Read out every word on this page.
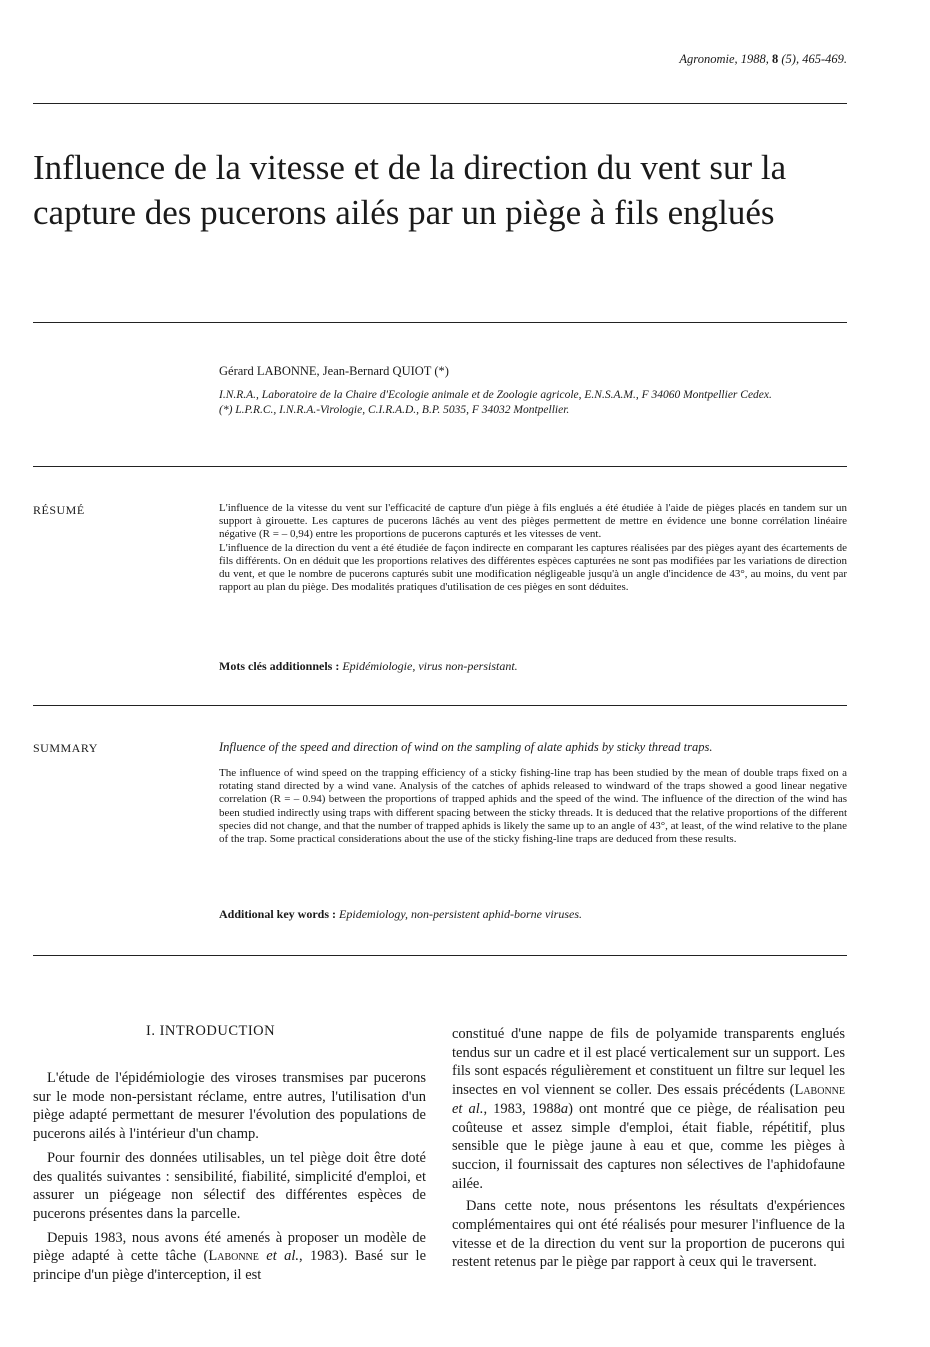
Agronomie, 1988, 8 (5), 465-469.
Influence de la vitesse et de la direction du vent sur la capture des pucerons ailés par un piège à fils englués
Gérard LABONNE, Jean-Bernard QUIOT (*)
I.N.R.A., Laboratoire de la Chaire d'Ecologie animale et de Zoologie agricole, E.N.S.A.M., F 34060 Montpellier Cedex.
(*) L.P.R.C., I.N.R.A.-Virologie, C.I.R.A.D., B.P. 5035, F 34032 Montpellier.
RÉSUMÉ	L'influence de la vitesse du vent sur l'efficacité de capture d'un piège à fils englués a été étudiée à l'aide de pièges placés en tandem sur un support à girouette. Les captures de pucerons lâchés au vent des pièges permettent de mettre en évidence une bonne corrélation linéaire négative (R = – 0,94) entre les proportions de pucerons capturés et les vitesses de vent.

L'influence de la direction du vent a été étudiée de façon indirecte en comparant les captures réalisées par des pièges ayant des écartements de fils différents. On en déduit que les proportions relatives des différentes espèces capturées ne sont pas modifiées par les variations de direction du vent, et que le nombre de pucerons capturés subit une modification négligeable jusqu'à un angle d'incidence de 43°, au moins, du vent par rapport au plan du piège. Des modalités pratiques d'utilisation de ces pièges en sont déduites.

Mots clés additionnels : Epidémiologie, virus non-persistant.
SUMMARY	Influence of the speed and direction of wind on the sampling of alate aphids by sticky thread traps.

The influence of wind speed on the trapping efficiency of a sticky fishing-line trap has been studied by the mean of double traps fixed on a rotating stand directed by a wind vane. Analysis of the catches of aphids released to windward of the traps showed a good linear negative correlation (R = – 0.94) between the proportions of trapped aphids and the speed of the wind. The influence of the direction of the wind has been studied indirectly using traps with different spacing between the sticky threads. It is deduced that the relative proportions of the different species did not change, and that the number of trapped aphids is likely the same up to an angle of 43°, at least, of the wind relative to the plane of the trap. Some practical considerations about the use of the sticky fishing-line traps are deduced from these results.

Additional key words : Epidemiology, non-persistent aphid-borne viruses.
I. INTRODUCTION

L'étude de l'épidémiologie des viroses transmises par pucerons sur le mode non-persistant réclame, entre autres, l'utilisation d'un piège adapté permettant de mesurer l'évolution des populations de pucerons ailés à l'intérieur d'un champ.

Pour fournir des données utilisables, un tel piège doit être doté des qualités suivantes : sensibilité, fiabilité, simplicité d'emploi, et assurer un piégeage non sélectif des différentes espèces de pucerons présentes dans la parcelle.

Depuis 1983, nous avons été amenés à proposer un modèle de piège adapté à cette tâche (Labonne et al., 1983). Basé sur le principe d'un piège d'interception, il est

constitué d'une nappe de fils de polyamide transparents englués tendus sur un cadre et il est placé verticalement sur un support. Les fils sont espacés régulièrement et constituent un filtre sur lequel les insectes en vol viennent se coller. Des essais précédents (Labonne et al., 1983, 1988a) ont montré que ce piège, de réalisation peu coûteuse et assez simple d'emploi, était fiable, répétitif, plus sensible que le piège jaune à eau et que, comme les pièges à succion, il fournissait des captures non sélectives de l'aphidofaune ailée.

Dans cette note, nous présentons les résultats d'expériences complémentaires qui ont été réalisés pour mesurer l'influence de la vitesse et de la direction du vent sur la proportion de pucerons qui restent retenus par le piège par rapport à ceux qui le traversent.
